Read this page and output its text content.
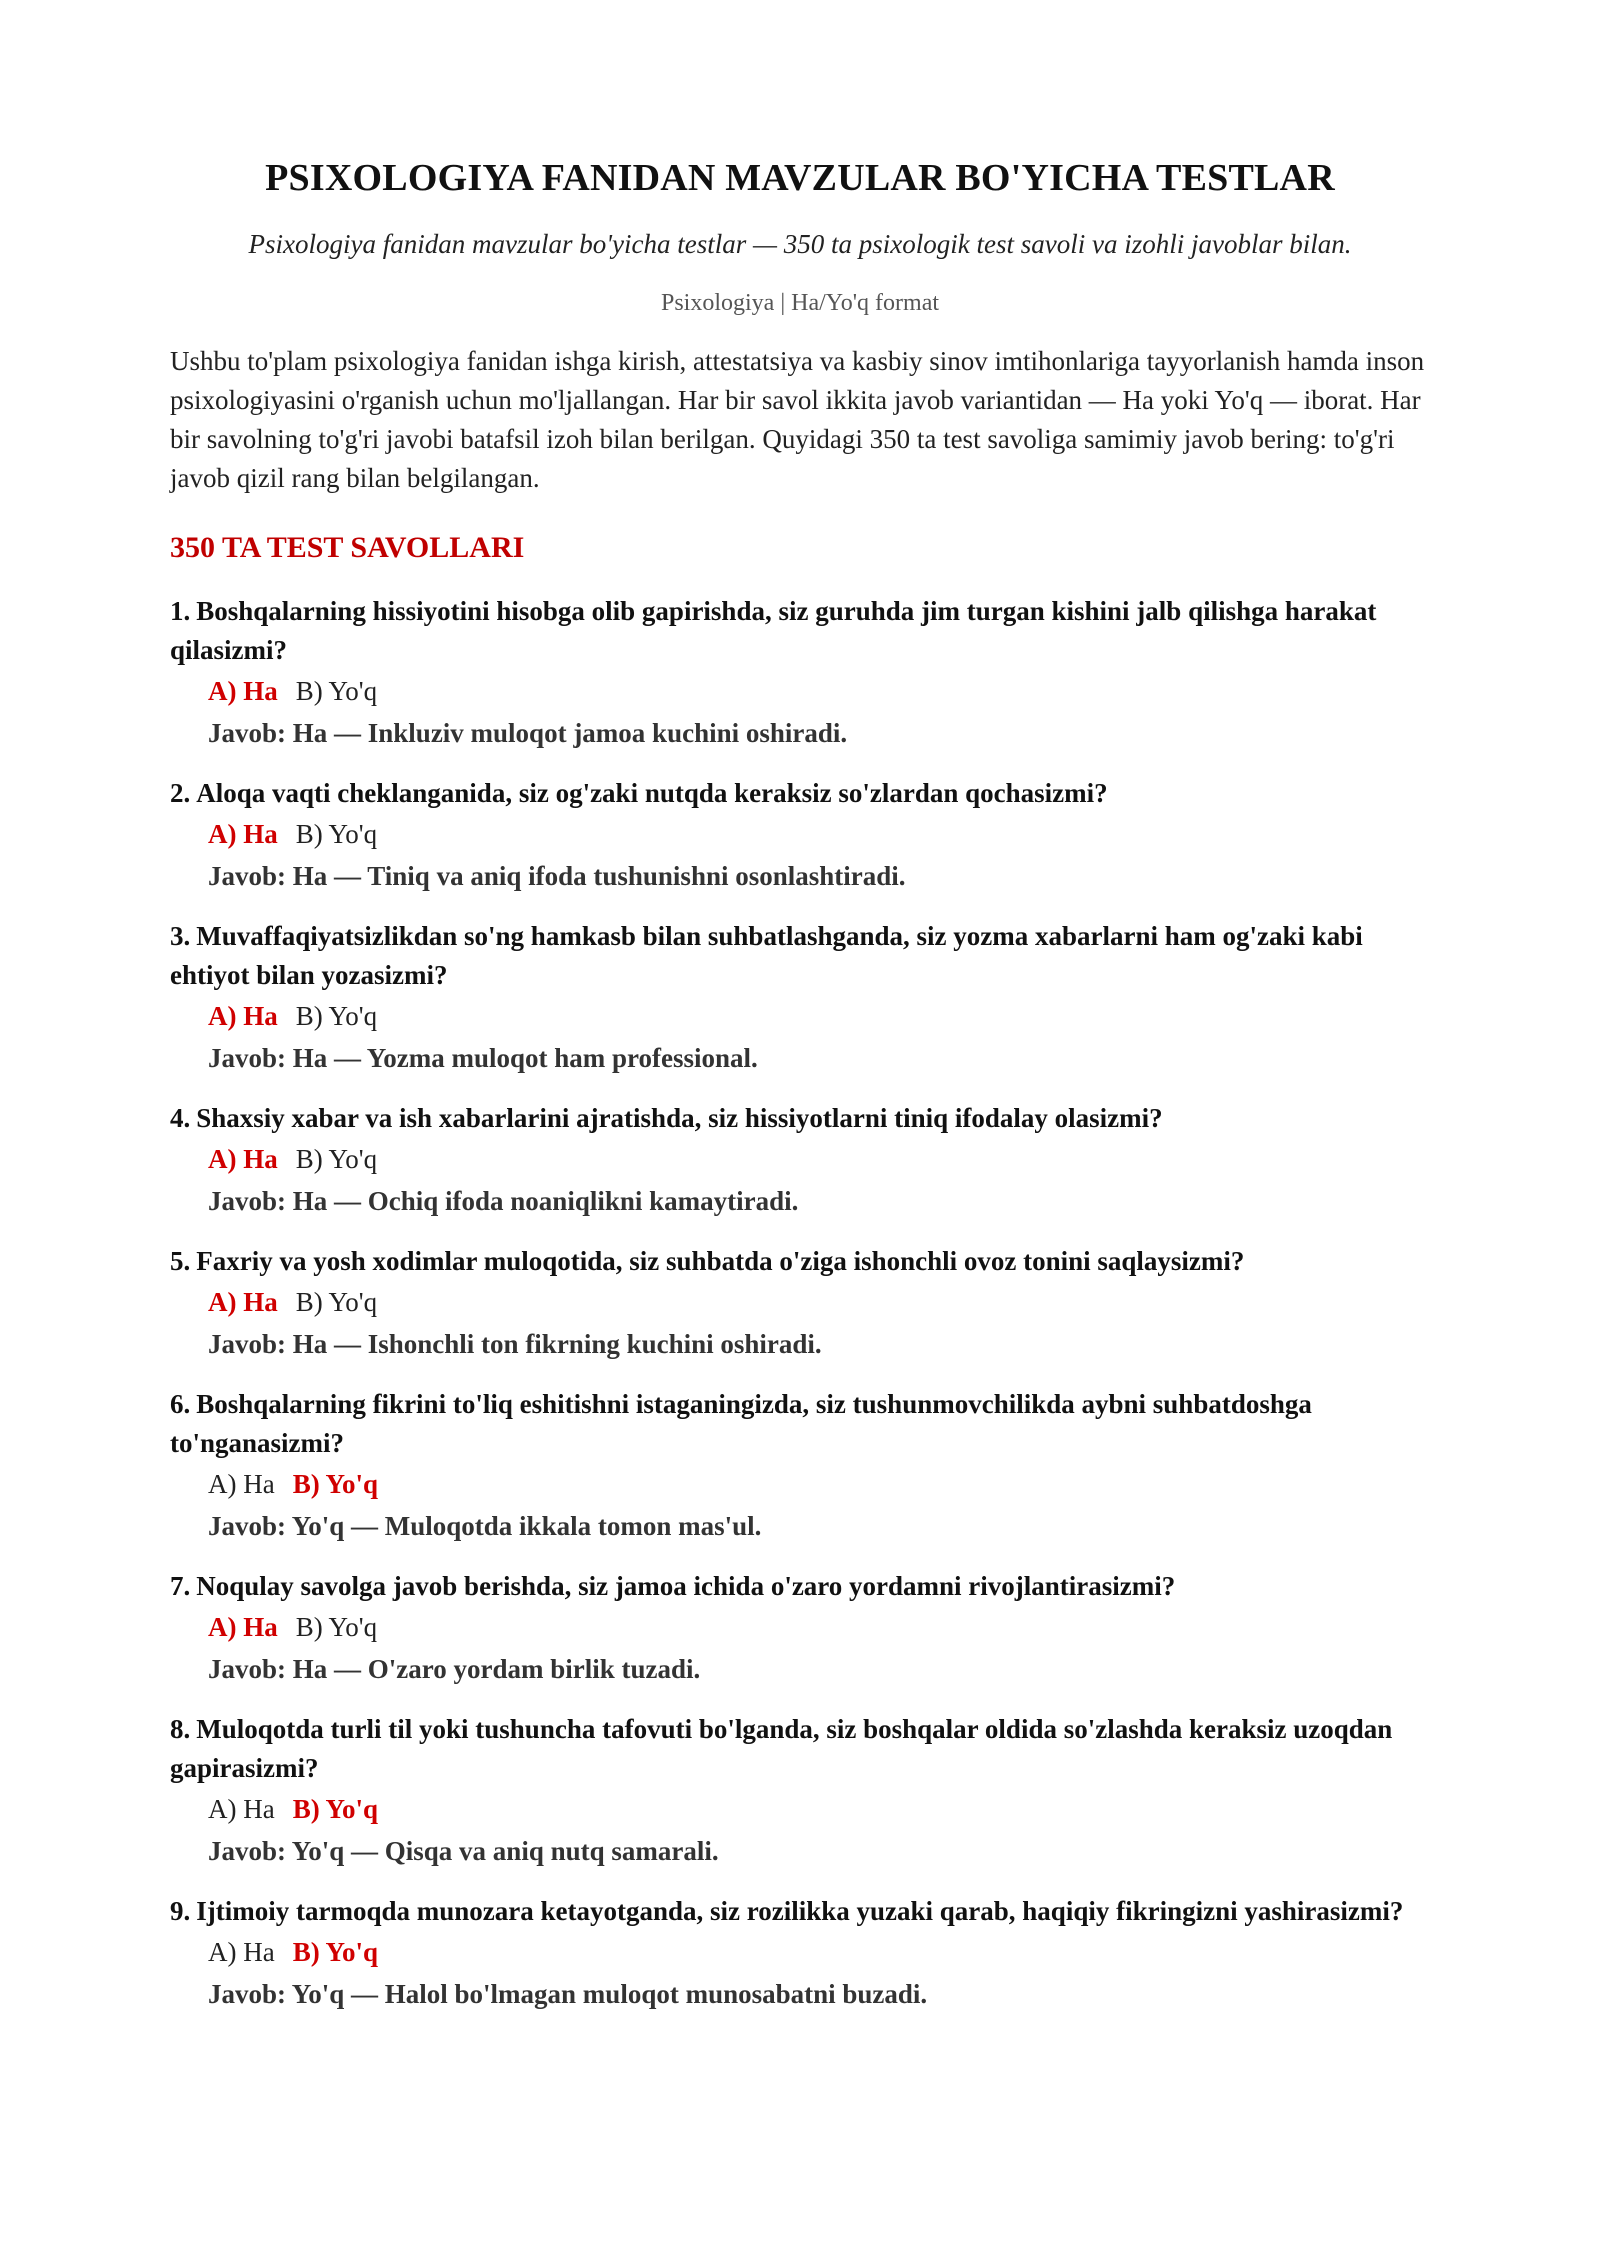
PSIXOLOGIYA FANIDAN MAVZULAR BO'YICHA TESTLAR

Psixologiya fanidan mavzular bo'yicha testlar — 350 ta psixologik test savoli va izohli javoblar bilan.

Psixologiya | Ha/Yo'q format

Ushbu to'plam psixologiya fanidan ishga kirish, attestatsiya va kasbiy sinov imtihonlariga tayyorlanish hamda inson psixologiyasini o'rganish uchun mo'ljallangan. Har bir savol ikkita javob variantidan — Ha yoki Yo'q — iborat. Har bir savolning to'g'ri javobi batafsil izoh bilan berilgan. Quyidagi 350 ta test savoliga samimiy javob bering: to'g'ri javob qizil rang bilan belgilangan.

350 TA TEST SAVOLLARI
1. Boshqalarning hissiyotini hisobga olib gapirishda, siz guruhda jim turgan kishini jalb qilishga harakat qilasizmi?
A) Ha B) Yo'q
Javob: Ha — Inkluziv muloqot jamoa kuchini oshiradi.
2. Aloqa vaqti cheklanganida, siz og'zaki nutqda keraksiz so'zlardan qochasizmi?
A) Ha B) Yo'q
Javob: Ha — Tiniq va aniq ifoda tushunishni osonlashtiradi.
3. Muvaffaqiyatsizlikdan so'ng hamkasb bilan suhbatlashganda, siz yozma xabarlarni ham og'zaki kabi ehtiyot bilan yozasizmi?
A) Ha B) Yo'q
Javob: Ha — Yozma muloqot ham professional.
4. Shaxsiy xabar va ish xabarlarini ajratishda, siz hissiyotlarni tiniq ifodalay olasizmi?
A) Ha B) Yo'q
Javob: Ha — Ochiq ifoda noaniqlikni kamaytiradi.
5. Faxriy va yosh xodimlar muloqotida, siz suhbatda o'ziga ishonchli ovoz tonini saqlaysizmi?
A) Ha B) Yo'q
Javob: Ha — Ishonchli ton fikrning kuchini oshiradi.
6. Boshqalarning fikrini to'liq eshitishni istaganingizda, siz tushunmovchilikda aybni suhbatdoshga to'nganasizmi?
A) Ha B) Yo'q
Javob: Yo'q — Muloqotda ikkala tomon mas'ul.
7. Noqulay savolga javob berishda, siz jamoa ichida o'zaro yordamni rivojlantirasizmi?
A) Ha B) Yo'q
Javob: Ha — O'zaro yordam birlik tuzadi.
8. Muloqotda turli til yoki tushuncha tafovuti bo'lganda, siz boshqalar oldida so'zlashda keraksiz uzoqdan gapirasizmi?
A) Ha B) Yo'q
Javob: Yo'q — Qisqa va aniq nutq samarali.
9. Ijtimoiy tarmoqda munozara ketayotganda, siz rozilikka yuzaki qarab, haqiqiy fikringizni yashirasizmi?
A) Ha B) Yo'q
Javob: Yo'q — Halol bo'lmagan muloqot munosabatni buzadi.
